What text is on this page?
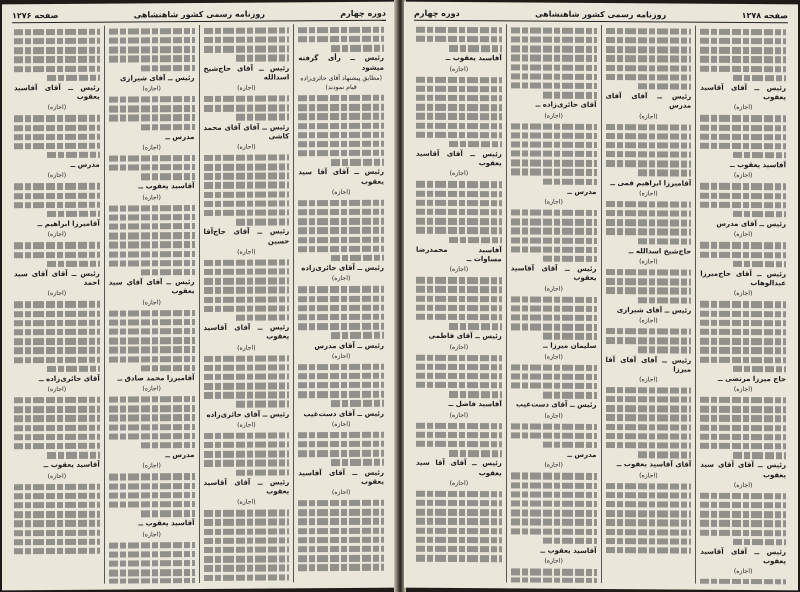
دوره چهارم
روزنامه رسمی کشور شاهنشاهی
صفحه ۱۲۷۶
رئیس ــ رأی گرفته میشود
(مطابق پیشنهاد آقای حائری‌زاده قیام نمودند)
رئیس ــ آقای آقا سید یعقوب
(اجازه)
رئیس ــ آقای حائری‌زاده
(اجازه)
رئیس ــ آقای مدرس
(اجازه)
رئیس ــ آقای دست‌غیب
(اجازه)
رئیس ــ آقای آقاسید یعقوب
(اجازه)
رئیس ــ آقای حاج‌شیخ اسدالله
(اجازه)
رئیس ــ آقای آقای محمد کاشی
(اجازه)
رئیس ــ آقای حاج‌آقا حسین
(اجازه)
رئیس ــ آقای آقاسید یعقوب
(اجازه)
رئیس ــ آقای حائری‌زاده
(اجازه)
رئیس ــ آقای آقاسید یعقوب
(اجازه)
رئیس ــ آقای شیرازی
(اجازه)
مدرس ــ
(اجازه)
آقاسید یعقوب ــ
(اجازه)
رئیس ــ آقای آقای سید یعقوب
(اجازه)
آقامیرزا محمد صادق ــ
(اجازه)
مدرس ــ
(اجازه)
آقاسید یعقوب ــ
(اجازه)
رئیس ــ آقای آقاسید یعقوب
(اجازه)
مدرس ــ
(اجازه)
آقامیرزا ابراهیم ــ
(اجازه)
رئیس ــ آقای آقای سید احمد
(اجازه)
آقای حائری‌زاده ــ
(اجازه)
آقاسید یعقوب ــ
(اجازه)
صفحه ۱۲۷۸
روزنامه رسمی کشور شاهنشاهی
دوره چهارم
رئیس ــ آقای آقاسید یعقوب
(اجازه)
آقاسید یعقوب ــ
(اجازه)
رئیس ــ آقای مدرس
(اجازه)
رئیس ــ آقای حاج‌میرزا عبدالوهاب
(اجازه)
حاج میرزا مرتضی ــ
(اجازه)
رئیس ــ آقای آقای سید یعقوب
(اجازه)
رئیس ــ آقای آقاسید یعقوب
(اجازه)
رئیس ــ آقای آقای مدرس
(اجازه)
آقامیرزا ابراهیم قمی ــ
(اجازه)
حاج‌شیخ اسدالله ــ
(اجازه)
رئیس ــ آقای شیرازی
(اجازه)
رئیس ــ آقای آقای آقا میرزا
(اجازه)
آقای آقاسید یعقوب ــ
(اجازه)
آقای حائری‌زاده ــ
(اجازه)
مدرس ــ
(اجازه)
رئیس ــ آقای آقاسید یعقوب
(اجازه)
سلیمان میرزا ــ
(اجازه)
رئیس ــ آقای دست‌غیب
(اجازه)
مدرس ــ
(اجازه)
آقاسید یعقوب ــ
(اجازه)
آقاسید یعقوب ــ
(اجازه)
رئیس ــ آقای آقاسید یعقوب
(اجازه)
آقاسید محمدرضا مساوات ــ
(اجازه)
رئیس ــ آقای فاطمی
(اجازه)
آقاسید فاضل ــ
(اجازه)
رئیس ــ آقای آقا سید یعقوب
(اجازه)
